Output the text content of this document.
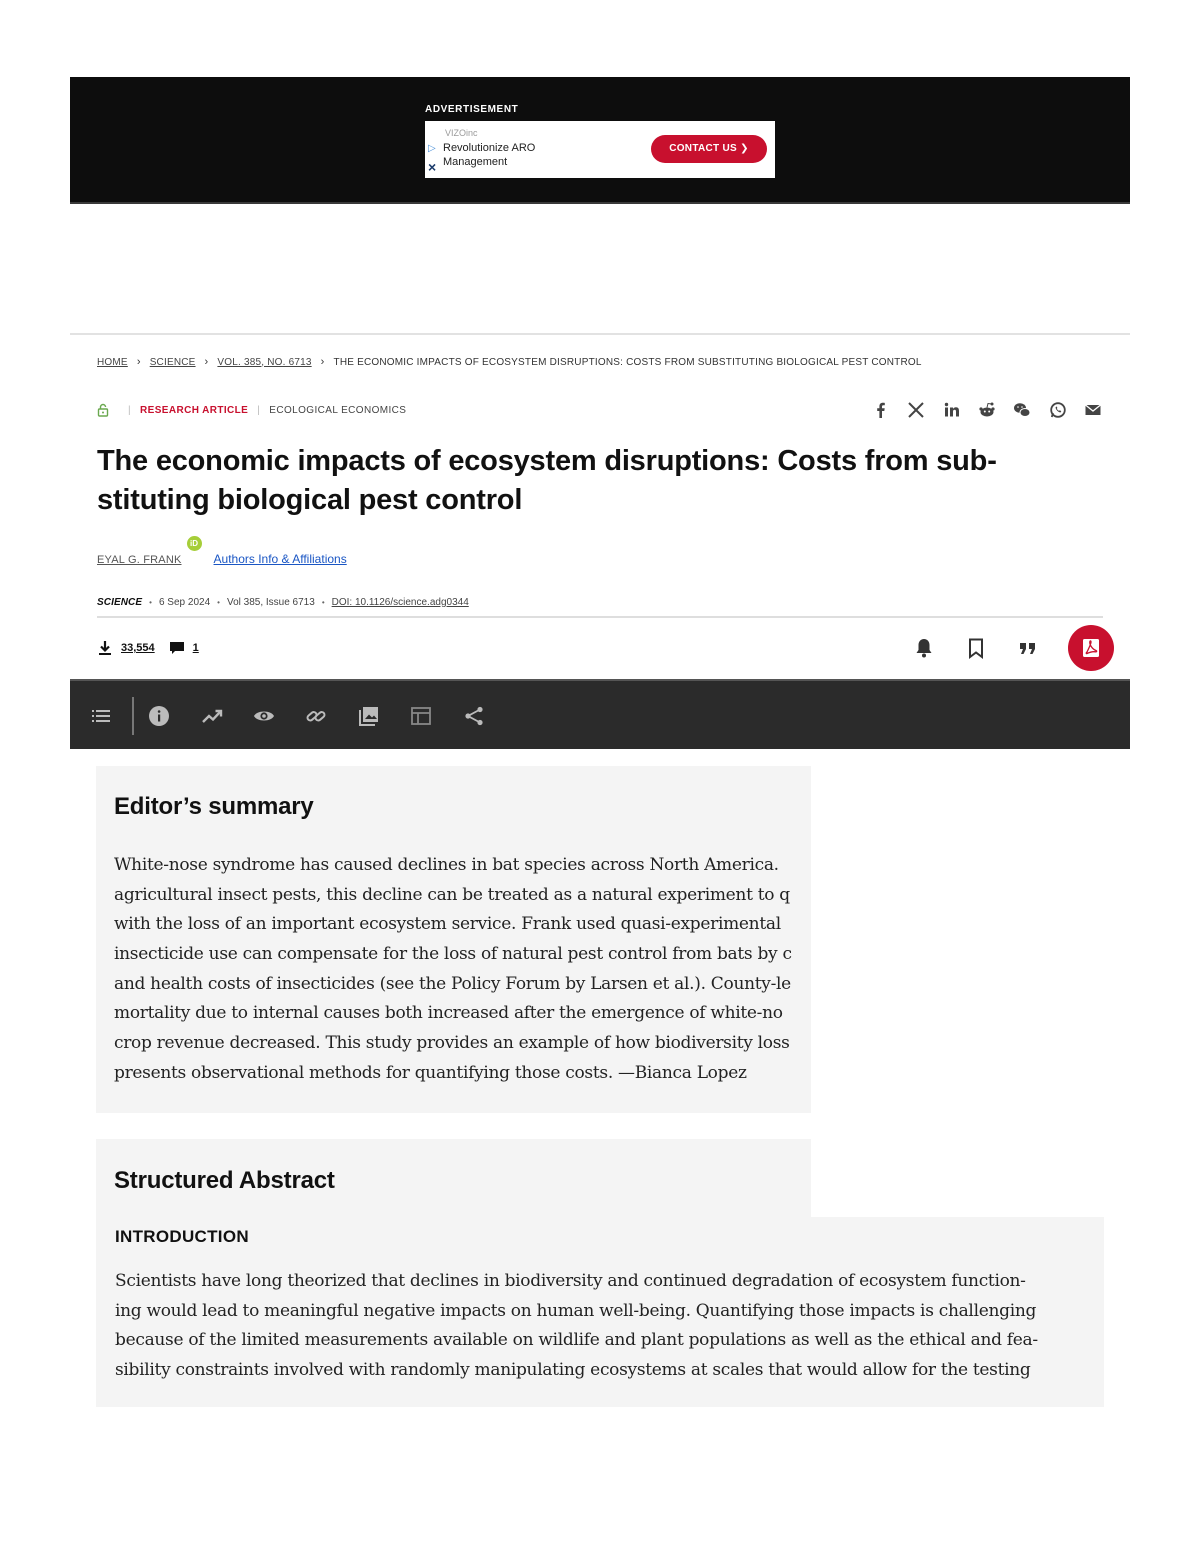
ADVERTISEMENT
VIZOinc
▷
×
Revolutionize ARO Management
CONTACT US ❯
HOME › SCIENCE › VOL. 385, NO. 6713 › THE ECONOMIC IMPACTS OF ECOSYSTEM DISRUPTIONS: COSTS FROM SUBSTITUTING BIOLOGICAL PEST CONTROL
| RESEARCH ARTICLE | ECOLOGICAL ECONOMICS
The economic impacts of ecosystem disruptions: Costs from sub-stituting biological pest control
EYAL G. FRANK
iD
Authors Info & Affiliations
SCIENCE • 6 Sep 2024 • Vol 385, Issue 6713 • DOI: 10.1126/science.adg0344
33,554	1
Editor’s summary
White-nose syndrome has caused declines in bat species across North America.
agricultural insect pests, this decline can be treated as a natural experiment to q
with the loss of an important ecosystem service. Frank used quasi-experimental
insecticide use can compensate for the loss of natural pest control from bats by c
and health costs of insecticides (see the Policy Forum by Larsen et al.). County-le
mortality due to internal causes both increased after the emergence of white-no
crop revenue decreased. This study provides an example of how biodiversity loss
presents observational methods for quantifying those costs. —Bianca Lopez
Structured Abstract
INTRODUCTION
Scientists have long theorized that declines in biodiversity and continued degradation of ecosystem function-
ing would lead to meaningful negative impacts on human well-being. Quantifying those impacts is challenging
because of the limited measurements available on wildlife and plant populations as well as the ethical and fea-
sibility constraints involved with randomly manipulating ecosystems at scales that would allow for the testing
